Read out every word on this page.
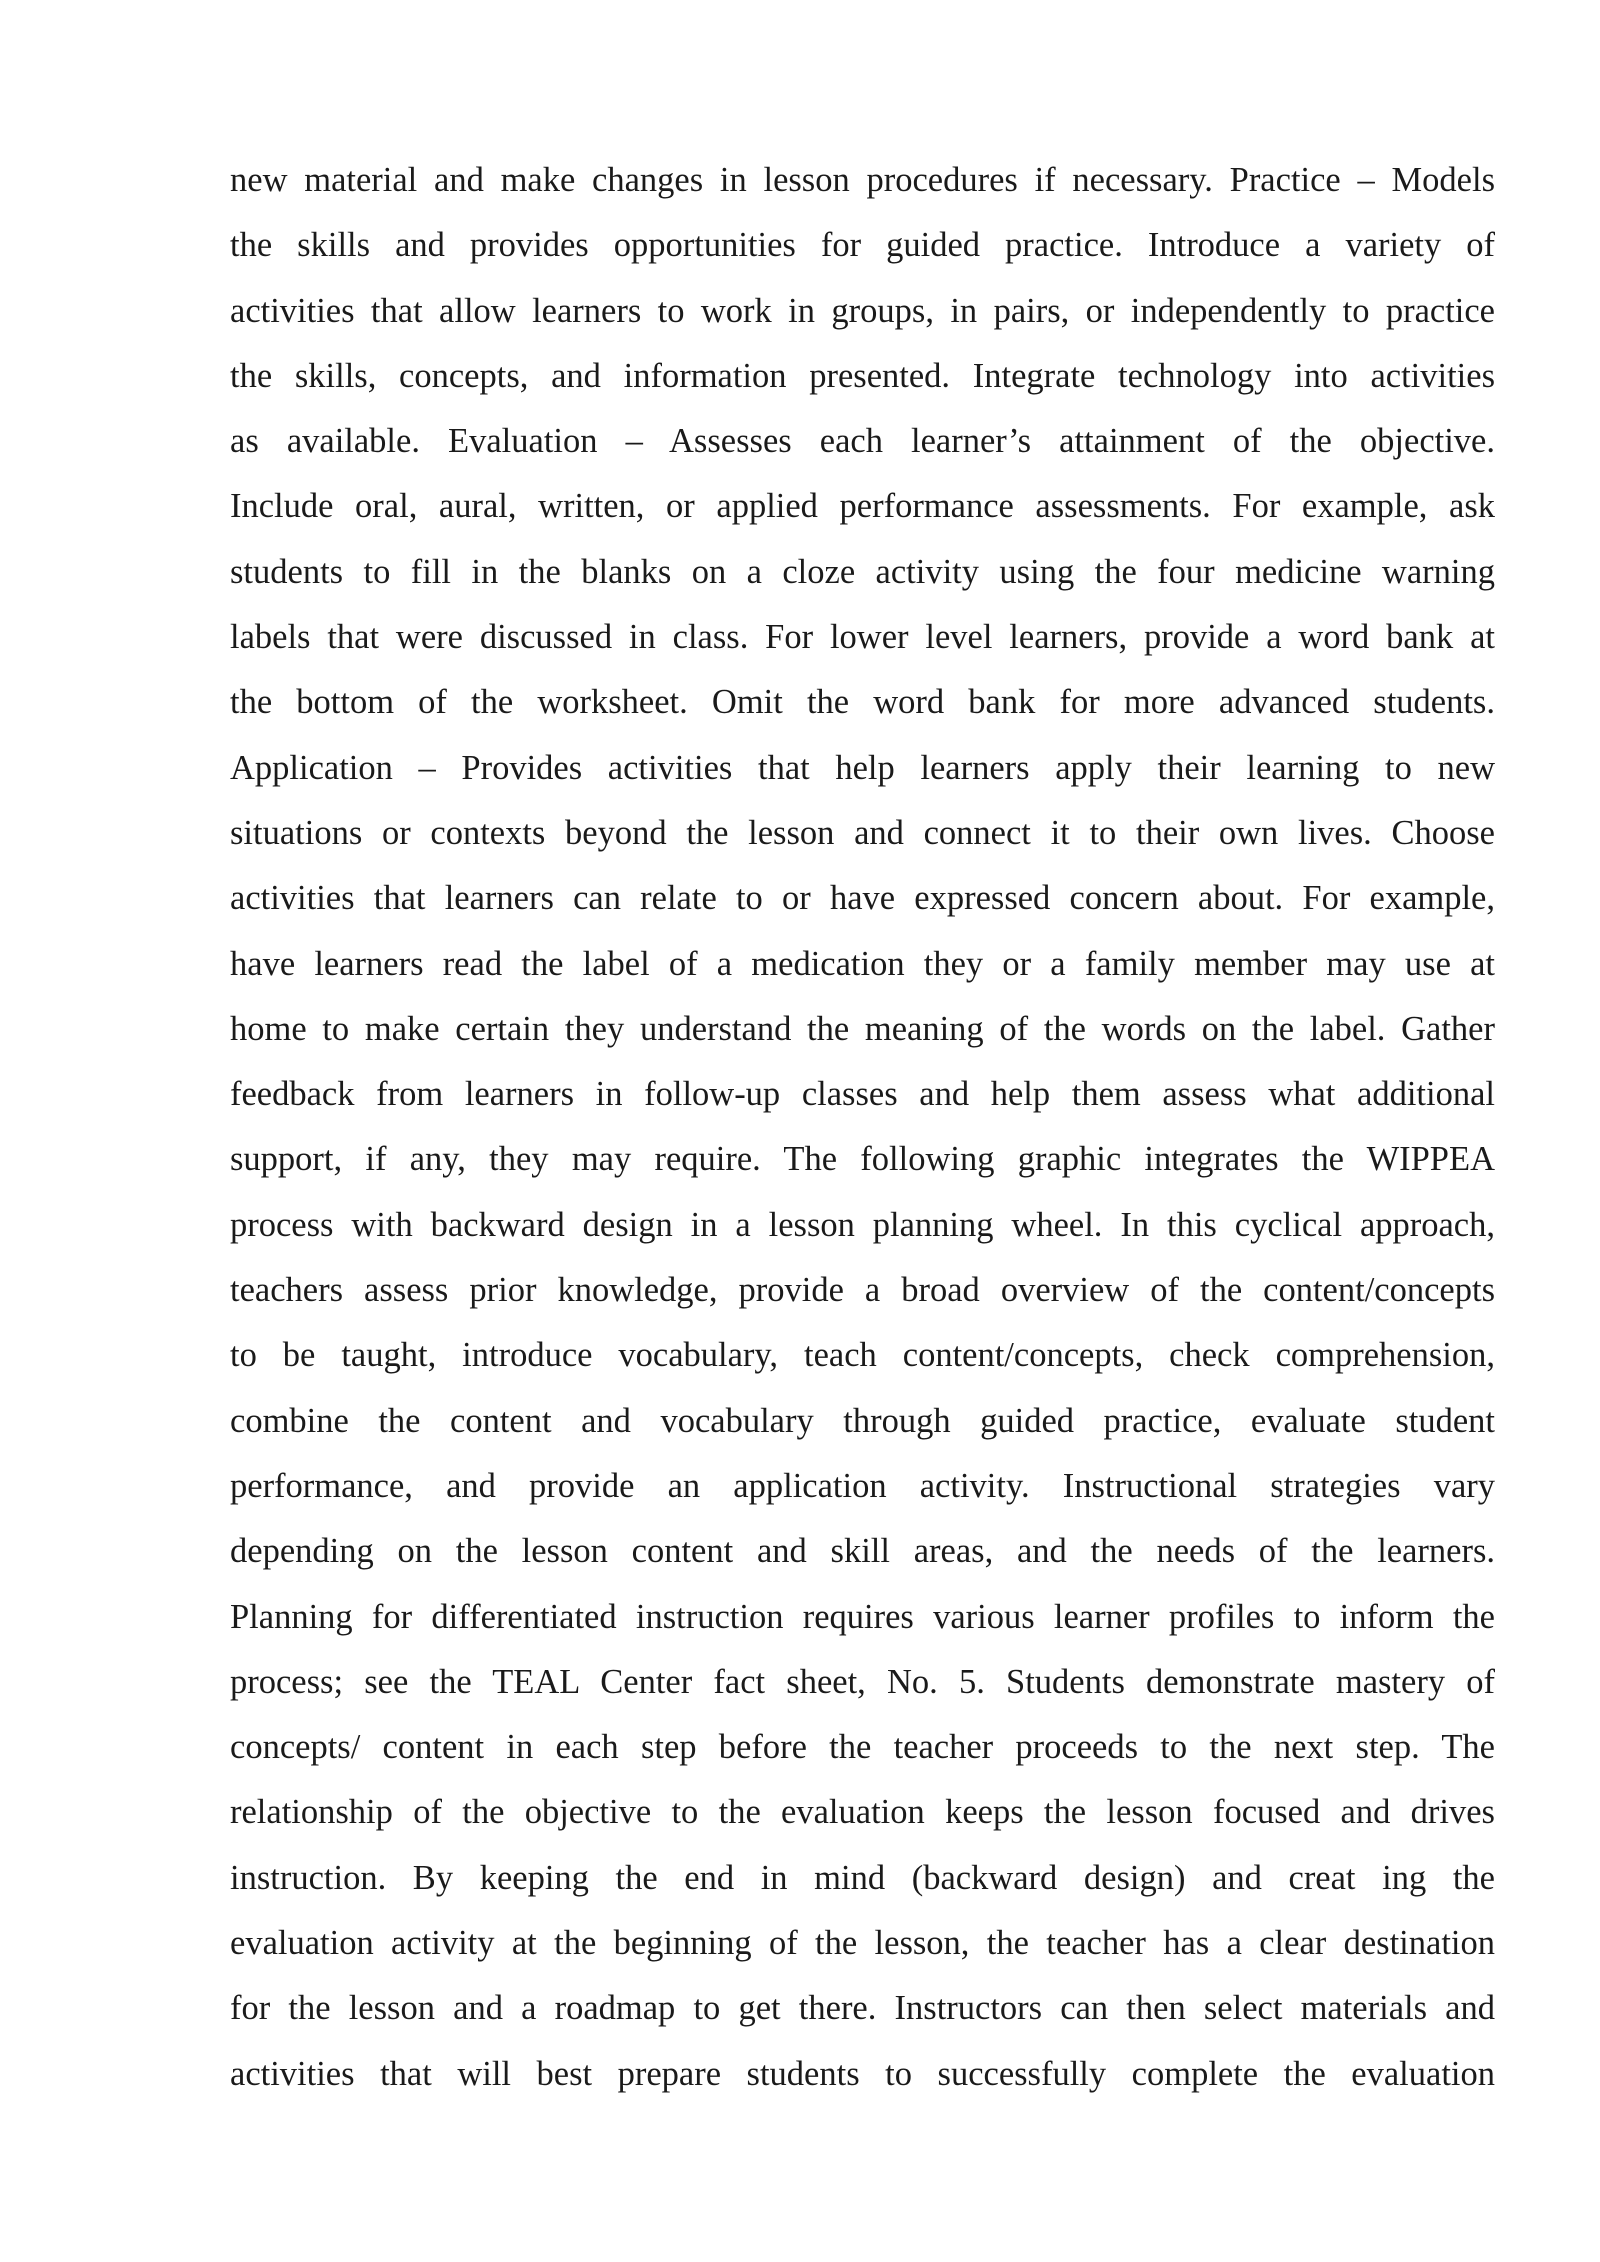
new material and make changes in lesson procedures if necessary. Practice – Models
the skills and provides opportunities for guided practice. Introduce a variety of
activities that allow learners to work in groups, in pairs, or independently to practice
the skills, concepts, and information presented. Integrate technology into activities
as available. Evaluation – Assesses each learner’s attainment of the objective.
Include oral, aural, written, or applied performance assessments. For example, ask
students to fill in the blanks on a cloze activity using the four medicine warning
labels that were discussed in class. For lower level learners, provide a word bank at
the bottom of the worksheet. Omit the word bank for more advanced students.
Application – Provides activities that help learners apply their learning to new
situations or contexts beyond the lesson and connect it to their own lives. Choose
activities that learners can relate to or have expressed concern about. For example,
have learners read the label of a medication they or a family member may use at
home to make certain they understand the meaning of the words on the label. Gather
feedback from learners in follow-up classes and help them assess what additional
support, if any, they may require. The following graphic integrates the WIPPEA
process with backward design in a lesson planning wheel. In this cyclical approach,
teachers assess prior knowledge, provide a broad overview of the content/concepts
to be taught, introduce vocabulary, teach content/concepts, check comprehension,
combine the content and vocabulary through guided practice, evaluate student
performance, and provide an application activity. Instructional strategies vary
depending on the lesson content and skill areas, and the needs of the learners.
Planning for differentiated instruction requires various learner profiles to inform the
process; see the TEAL Center fact sheet, No. 5. Students demonstrate mastery of
concepts/ content in each step before the teacher proceeds to the next step. The
relationship of the objective to the evaluation keeps the lesson focused and drives
instruction. By keeping the end in mind (backward design) and creat ing the
evaluation activity at the beginning of the lesson, the teacher has a clear destination
for the lesson and a roadmap to get there. Instructors can then select materials and
activities that will best prepare students to successfully complete the evaluation
